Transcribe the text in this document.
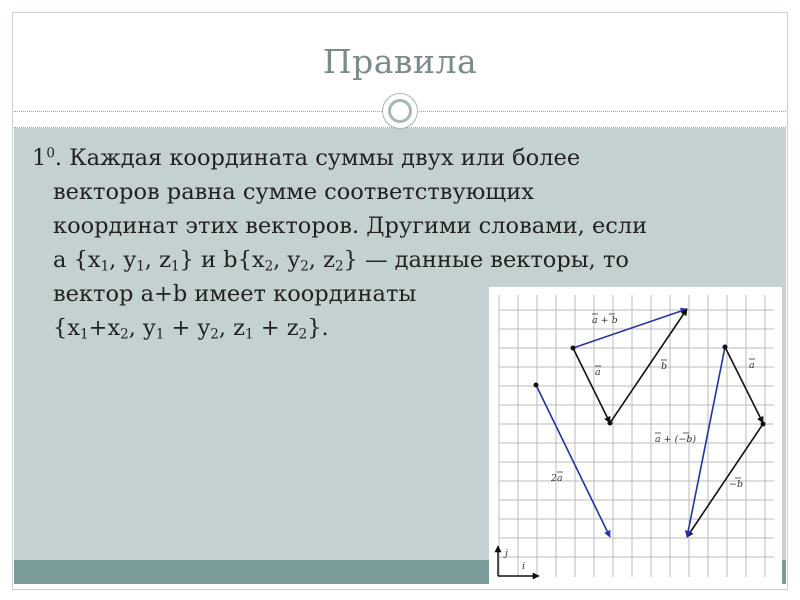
Правила
$1^0$. Каждая координата суммы двух или более
векторов равна сумме соответствующих
координат этих векторов. Другими словами, если
a {$x_1$, $y_1$, $z_1$} и $b\{x_2$, $y_2$, $z_2$} — данные векторы, то
вектор a+b имеет координаты
{$x_1+x_2$, $y_1 + y_2$, $z_1 + z_2$}.	a + b
a
b
2a
a
a + (−b)
−b
j
i
